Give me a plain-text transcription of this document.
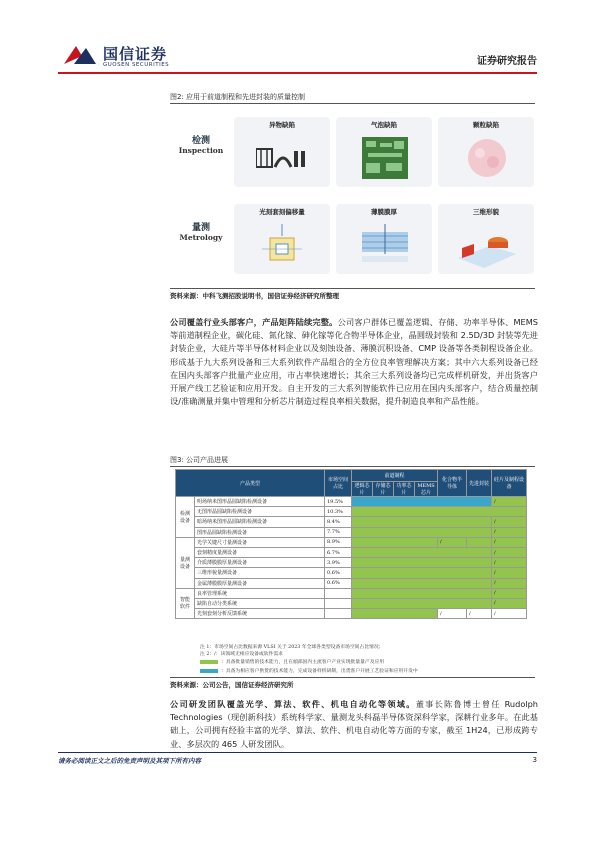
国信证券
GUOSEN SECURITIES	证券研究报告
图2: 应用于前道制程和先进封装的质量控制
检测
Inspection
异物缺陷	气泡缺陷	颗粒缺陷
量测
Metrology
光刻套刻偏移量	薄膜膜厚	三维形貌
资料来源：中科飞测招股说明书，国信证券经济研究所整理
公司覆盖行业头部客户，产品矩阵陆续完整。公司客户群体已覆盖逻辑、存储、功率半导体、MEMS 等前道制程企业，碳化硅、氮化镓、砷化镓等化合物半导体企业，晶圆级封装和 2.5D/3D 封装等先进封装企业，大硅片等半导体材料企业以及刻蚀设备、薄膜沉积设备、CMP 设备等各类制程设备企业。形成基于九大系列设备和三大系列软件产品组合的全方位良率管理解决方案；其中六大系列设备已经在国内头部客户批量产业应用，市占率快速增长；其余三大系列设备均已完成样机研发，并出货客户开展产线工艺验证和应用开发。自主开发的三大系列智能软件已应用在国内头部客户，结合质量控制设/准确测量并集中管理和分析芯片制造过程良率相关数据，提升制造良率和产品性能。
图3: 公司产品进展
产品类型		市场空间占比	前道制程				化合物半导体	先进封装	硅片及制程设备
			逻辑芯片	存储芯片	功率芯片	MEMS芯片			
检测设备	明场纳米图形晶圆缺陷检测设备	19.5%							/
	无图形晶圆缺陷检测设备	10.3%							
	暗场纳米图形晶圆缺陷检测设备	8.4%							/
	图形晶圆缺陷检测设备	7.7%							/
量测设备	光学关键尺寸量测设备	8.9%					/		/
	套刻精度量测设备	6.7%							/
	介质薄膜膜厚量测设备	3.9%							/
	三维形貌量测设备	0.6%							/
	金属薄膜膜厚量测设备	0.6%							/
智能软件	良率管理系统								/
	缺陷自动分类系统								/
	光刻套刻分析反馈系统						/	/	/
注 1：市场空间占比数据来源 VLSI 关于 2023 年全球各类型设备市场空间占比情况；
注 2：/：该领域无相应设备或软件需求
：具备批量销售的技术能力，且在頭部国内主流客户产业实现批量量产及应用
：具备为相应客户供货的技术能力，完成设备样机研制，出货客户开展工艺验证和应用开发中
资料来源：公司公告，国信证券经济研究所
公司研发团队覆盖光学、算法、软件、机电自动化等领域。董事长陈鲁博士曾任 Rudolph Technologies（现创新科技）系统科学家、量测龙头科磊半导体资深科学家，深耕行业多年。在此基础上，公司拥有经验丰富的光学、算法、软件、机电自动化等方面的专家，截至 1H24，已形成跨专业、多层次的 465 人研发团队。
请务必阅读正文之后的免责声明及其项下所有内容	3
